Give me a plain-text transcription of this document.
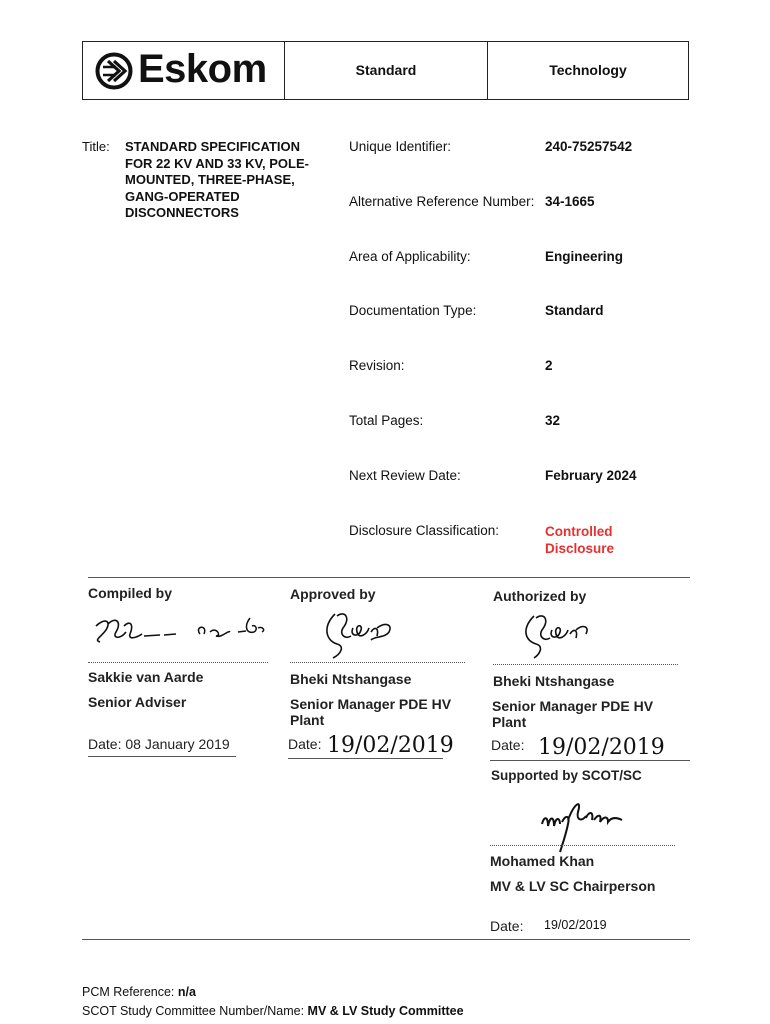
Eskom	Standard	Technology
Title: STANDARD SPECIFICATION
FOR 22 KV AND 33 KV, POLE-
MOUNTED, THREE-PHASE,
GANG-OPERATED
DISCONNECTORS
Unique Identifier:	240-75257542
Alternative Reference Number: 34-1665
Area of Applicability:	Engineering
Documentation Type:	Standard
Revision:	2
Total Pages:	32
Next Review Date:	February 2024
Disclosure Classification:	Controlled
Disclosure
Compiled by
Sakkie van Aarde
Senior Adviser
Date: 08 January 2019
Approved by
Bheki Ntshangase
Senior Manager PDE HV
Plant
Date: 19/02/2019
Authorized by
Bheki Ntshangase
Senior Manager PDE HV
Plant
Date: 19/02/2019
Supported by SCOT/SC
Mohamed Khan
MV & LV SC Chairperson
Date: 19/02/2019
PCM Reference: n/a
SCOT Study Committee Number/Name: MV & LV Study Committee
